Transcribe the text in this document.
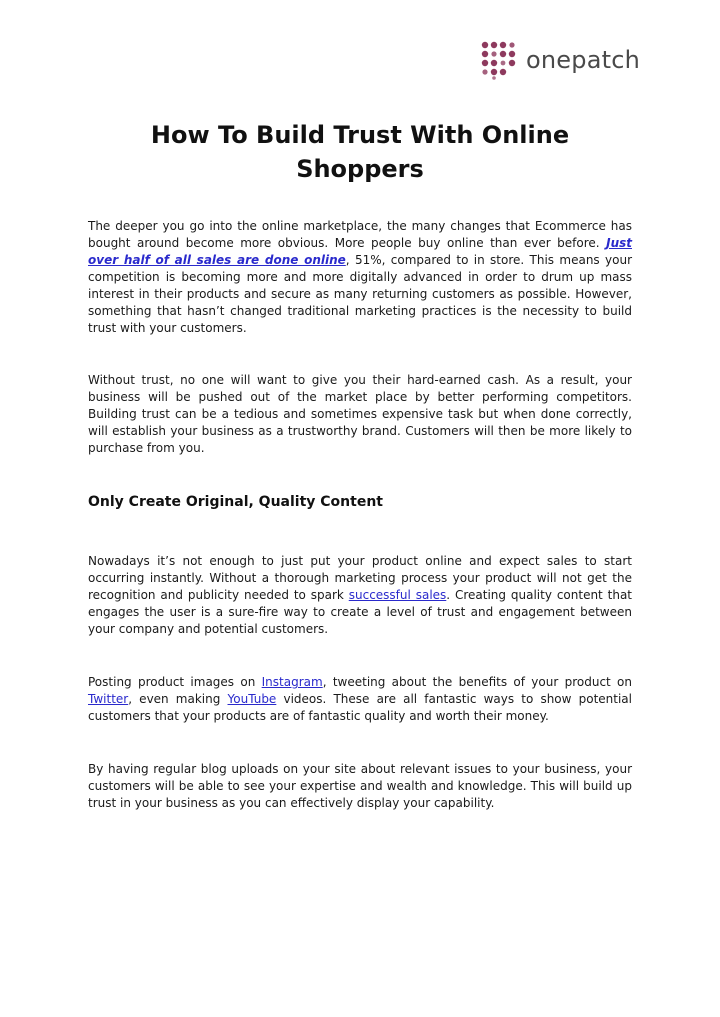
onepatch
How To Build Trust With Online Shoppers

The deeper you go into the online marketplace, the many changes that Ecommerce has bought around become more obvious. More people buy online than ever before. Just over half of all sales are done online, 51%, compared to in store. This means your competition is becoming more and more digitally advanced in order to drum up mass interest in their products and secure as many returning customers as possible. However, something that hasn’t changed traditional marketing practices is the necessity to build trust with your customers.

Without trust, no one will want to give you their hard-earned cash. As a result, your business will be pushed out of the market place by better performing competitors. Building trust can be a tedious and sometimes expensive task but when done correctly, will establish your business as a trustworthy brand. Customers will then be more likely to purchase from you.

Only Create Original, Quality Content

Nowadays it’s not enough to just put your product online and expect sales to start occurring instantly. Without a thorough marketing process your product will not get the recognition and publicity needed to spark successful sales. Creating quality content that engages the user is a sure-fire way to create a level of trust and engagement between your company and potential customers.

Posting product images on Instagram, tweeting about the benefits of your product on Twitter, even making YouTube videos. These are all fantastic ways to show potential customers that your products are of fantastic quality and worth their money.

By having regular blog uploads on your site about relevant issues to your business, your customers will be able to see your expertise and wealth and knowledge. This will build up trust in your business as you can effectively display your capability.
